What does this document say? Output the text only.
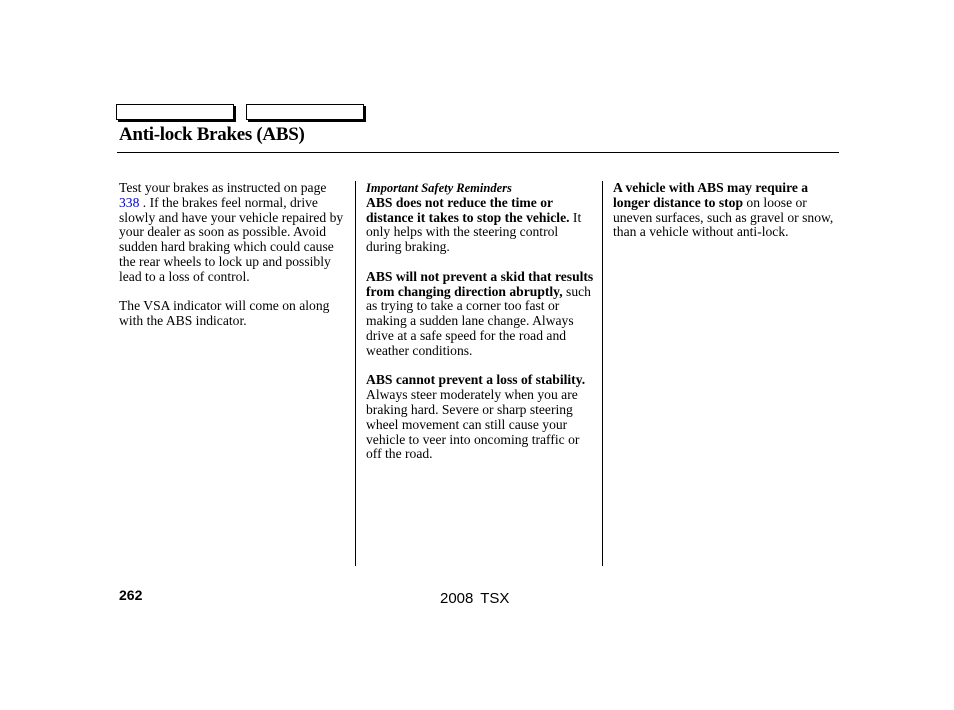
Anti-lock Brakes (ABS)

Test your brakes as instructed on page 338 . If the brakes feel normal, drive slowly and have your vehicle repaired by your dealer as soon as possible. Avoid sudden hard braking which could cause the rear wheels to lock up and possibly lead to a loss of control.

The VSA indicator will come on along with the ABS indicator.

Important Safety Reminders
ABS does not reduce the time or distance it takes to stop the vehicle. It only helps with the steering control during braking.

ABS will not prevent a skid that results from changing direction abruptly, such as trying to take a corner too fast or making a sudden lane change. Always drive at a safe speed for the road and weather conditions.

ABS cannot prevent a loss of stability. Always steer moderately when you are braking hard. Severe or sharp steering wheel movement can still cause your vehicle to veer into oncoming traffic or off the road.

A vehicle with ABS may require a longer distance to stop on loose or uneven surfaces, such as gravel or snow, than a vehicle without anti-lock.

262	2008 TSX
